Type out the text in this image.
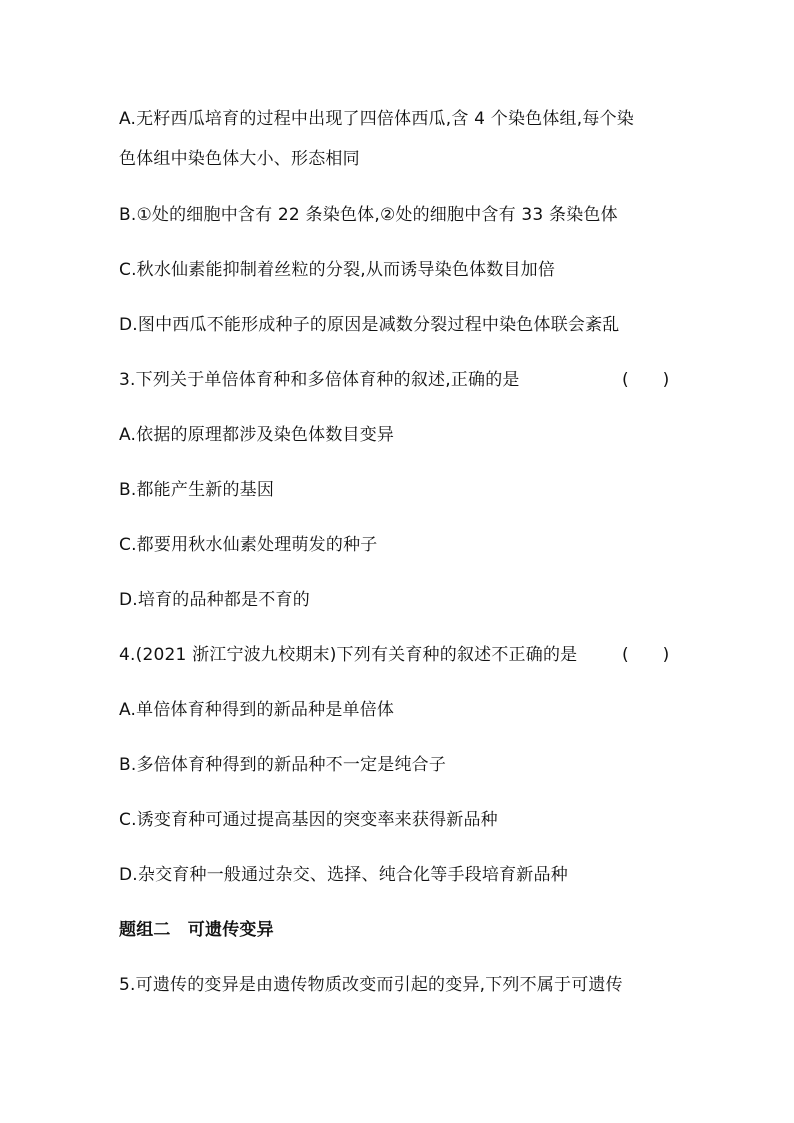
A.无籽西瓜培育的过程中出现了四倍体西瓜,含 4 个染色体组,每个染
色体组中染色体大小、形态相同
B.①处的细胞中含有 22 条染色体,②处的细胞中含有 33 条染色体
C.秋水仙素能抑制着丝粒的分裂,从而诱导染色体数目加倍
D.图中西瓜不能形成种子的原因是减数分裂过程中染色体联会紊乱
3.下列关于单倍体育种和多倍体育种的叙述,正确的是	(　　)
A.依据的原理都涉及染色体数目变异
B.都能产生新的基因
C.都要用秋水仙素处理萌发的种子
D.培育的品种都是不育的
4.(2021 浙江宁波九校期末)下列有关育种的叙述不正确的是	(　　)
A.单倍体育种得到的新品种是单倍体
B.多倍体育种得到的新品种不一定是纯合子
C.诱变育种可通过提高基因的突变率来获得新品种
D.杂交育种一般通过杂交、选择、纯合化等手段培育新品种
题组二　可遗传变异
5.可遗传的变异是由遗传物质改变而引起的变异,下列不属于可遗传
